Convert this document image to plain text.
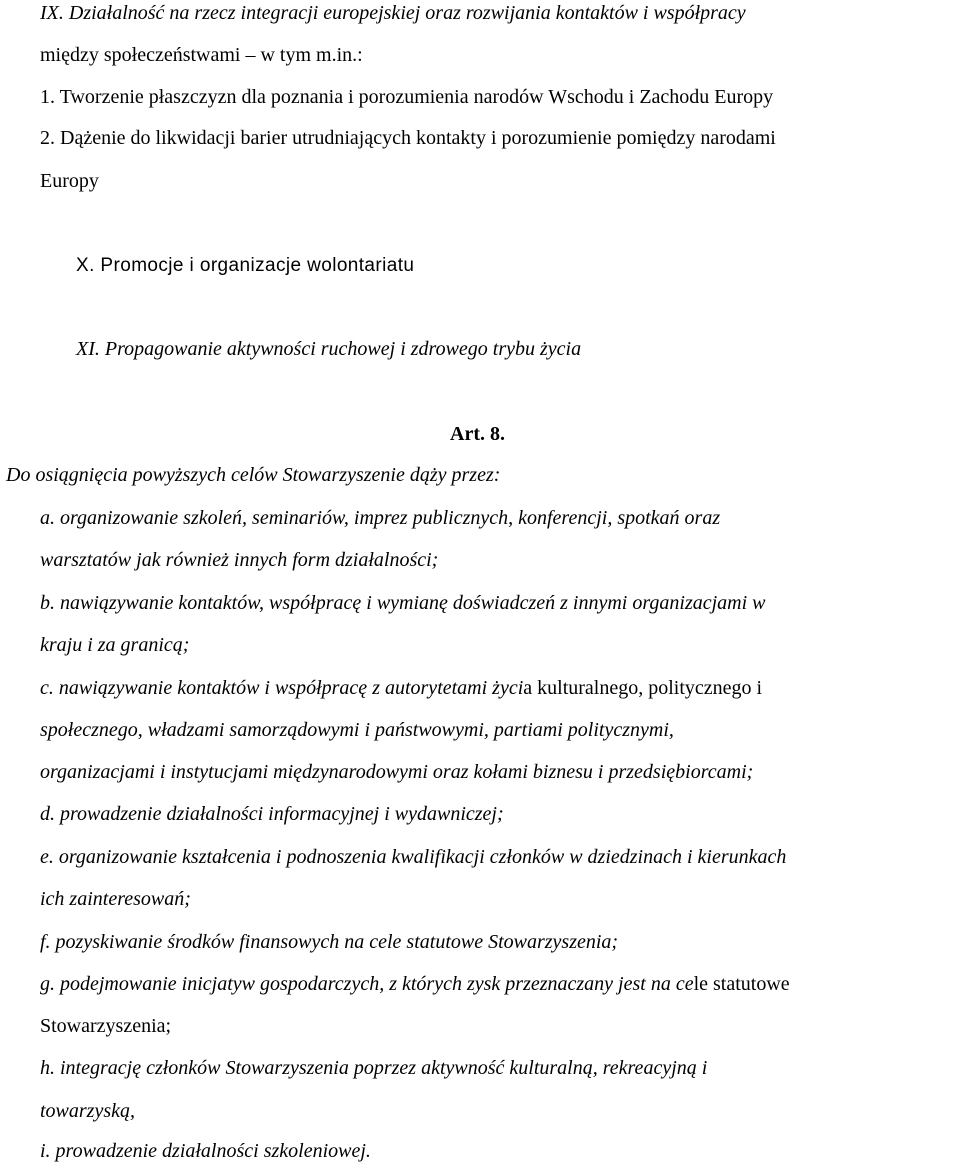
IX. Działalność na rzecz integracji europejskiej oraz rozwijania kontaktów i współpracy
między społeczeństwami – w tym m.in.:
1. Tworzenie płaszczyzn dla poznania i porozumienia narodów Wschodu i Zachodu Europy
2. Dążenie do likwidacji barier utrudniających kontakty i porozumienie pomiędzy narodami
Europy
X. Promocje i organizacje wolontariatu
XI. Propagowanie aktywności ruchowej i zdrowego trybu życia
Art. 8.
Do osiągnięcia powyższych celów Stowarzyszenie dąży przez:
a. organizowanie szkoleń, seminariów, imprez publicznych, konferencji, spotkań oraz
warsztatów jak również innych form działalności;
b. nawiązywanie kontaktów, współpracę i wymianę doświadczeń z innymi organizacjami w
kraju i za granicą;
c. nawiązywanie kontaktów i współpracę z autorytetami życia kulturalnego, politycznego i
społecznego, władzami samorządowymi i państwowymi, partiami politycznymi,
organizacjami i instytucjami międzynarodowymi oraz kołami biznesu i przedsiębiorcami;
d. prowadzenie działalności informacyjnej i wydawniczej;
e. organizowanie kształcenia i podnoszenia kwalifikacji członków w dziedzinach i kierunkach
ich zainteresowań;
f. pozyskiwanie środków finansowych na cele statutowe Stowarzyszenia;
g. podejmowanie inicjatyw gospodarczych, z których zysk przeznaczany jest na cele statutowe
Stowarzyszenia;
h. integrację członków Stowarzyszenia poprzez aktywność kulturalną, rekreacyjną i
towarzyską,
i. prowadzenie działalności szkoleniowej.
